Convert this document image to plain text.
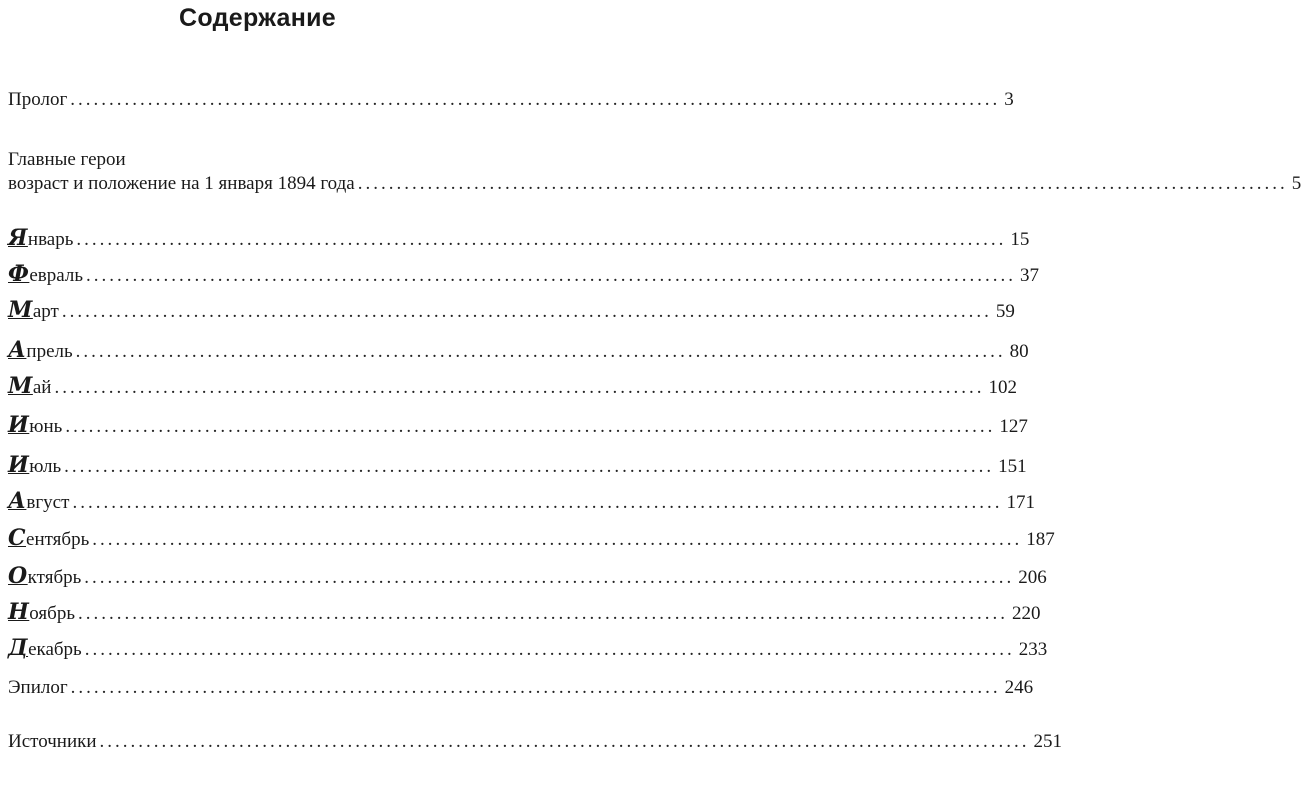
Содержание
Пролог ........................................................................................................................ 3
Главные герои
возраст и положение на 1 января 1894 года ........................................................................................................................ 5
Январь ........................................................................................................................ 15
Февраль ........................................................................................................................ 37
Март ........................................................................................................................ 59
Апрель ........................................................................................................................ 80
Май ........................................................................................................................ 102
Июнь ........................................................................................................................ 127
Июль ........................................................................................................................ 151
Август ........................................................................................................................ 171
Сентябрь ........................................................................................................................ 187
Октябрь ........................................................................................................................ 206
Ноябрь ........................................................................................................................ 220
Декабрь ........................................................................................................................ 233
Эпилог ........................................................................................................................ 246
Источники ........................................................................................................................ 251
